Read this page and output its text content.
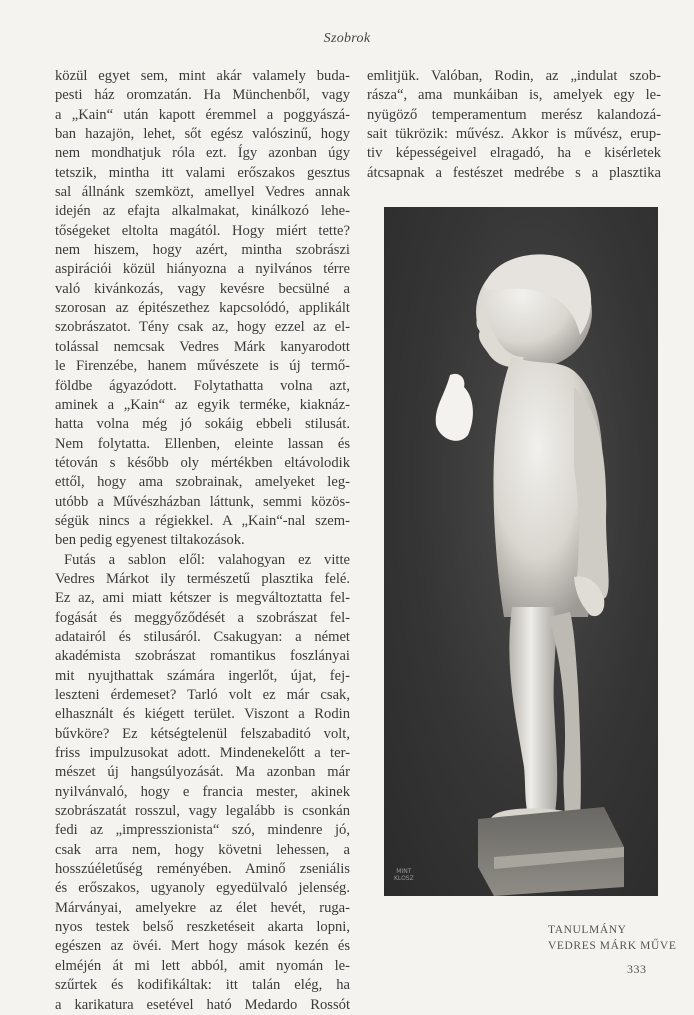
Szobrok
közül egyet sem, mint akár valamely buda-
pesti ház oromzatán. Ha Münchenből, vagy
a „Kain“ után kapott éremmel a poggyászá-
ban hazajön, lehet, sőt egész valószinű, hogy
nem mondhatjuk róla ezt. Így azonban úgy
tetszik, mintha itt valami erőszakos gesztus
sal állnánk szemközt, amellyel Vedres annak
idején az efajta alkalmakat, kinálkozó lehe-
tőségeket eltolta magától. Hogy miért tette?
nem hiszem, hogy azért, mintha szobrászi
aspirációi közül hiányozna a nyilvános térre
való kivánkozás, vagy kevésre becsülné a
szorosan az épitészethez kapcsolódó, applikált
szobrászatot. Tény csak az, hogy ezzel az el-
tolással nemcsak Vedres Márk kanyarodott
le Firenzébe, hanem művészete is új termő-
földbe ágyazódott. Folytathatta volna azt,
aminek a „Kain“ az egyik terméke, kiaknáz-
hatta volna még jó sokáig ebbeli stilusát.
Nem folytatta. Ellenben, eleinte lassan és
tétován s később oly mértékben eltávolodik
ettől, hogy ama szobrainak, amelyeket leg-
utóbb a Művészházban láttunk, semmi közös-
ségük nincs a régiekkel. A „Kain“-nal szem-
ben pedig egyenest tiltakozások.
Futás a sablon elől: valahogyan ez vitte
Vedres Márkot ily természetű plasztika felé.
Ez az, ami miatt kétszer is megváltoztatta fel-
fogását és meggyőződését a szobrászat fel-
adatairól és stilusáról. Csakugyan: a német
akadémista szobrászat romantikus foszlányai
mit nyujthattak számára ingerlőt, újat, fej-
leszteni érdemeset? Tarló volt ez már csak,
elhasznált és kiégett terület. Viszont a Rodin
bűvköre? Ez kétségtelenül felszabaditó volt,
friss impulzusokat adott. Mindenekelőtt a ter-
mészet új hangsúlyozását. Ma azonban már
nyilvánvaló, hogy e francia mester, akinek
szobrászatát rosszul, vagy legalább is csonkán
fedi az „impresszionista“ szó, mindenre jó,
csak arra nem, hogy követni lehessen, a
hosszúéletűség reményében. Aminő zseniális
és erőszakos, ugyanoly egyedülvaló jelenség.
Márványai, amelyekre az élet hevét, ruga-
nyos testek belső reszketéseit akarta lopni,
egészen az övéi. Mert hogy mások kezén és
elméjén át mi lett abból, amit nyomán le-
szűrtek és kodifikáltak: itt talán elég, ha
a karikatura esetével ható Medardo Rossót
emlitjük. Valóban, Rodin, az „indulat szob-
rásza“, ama munkáiban is, amelyek egy le-
nyügöző temperamentum merész kalandozá-
sait tükrözik: művész. Akkor is művész, erup-
tiv képességeivel elragadó, ha e kisérletek
átcsapnak a festészet medrébe s a plasztika
MINT
KLOSZ
TANULMÁNY
VEDRES MÁRK MŰVE
333
